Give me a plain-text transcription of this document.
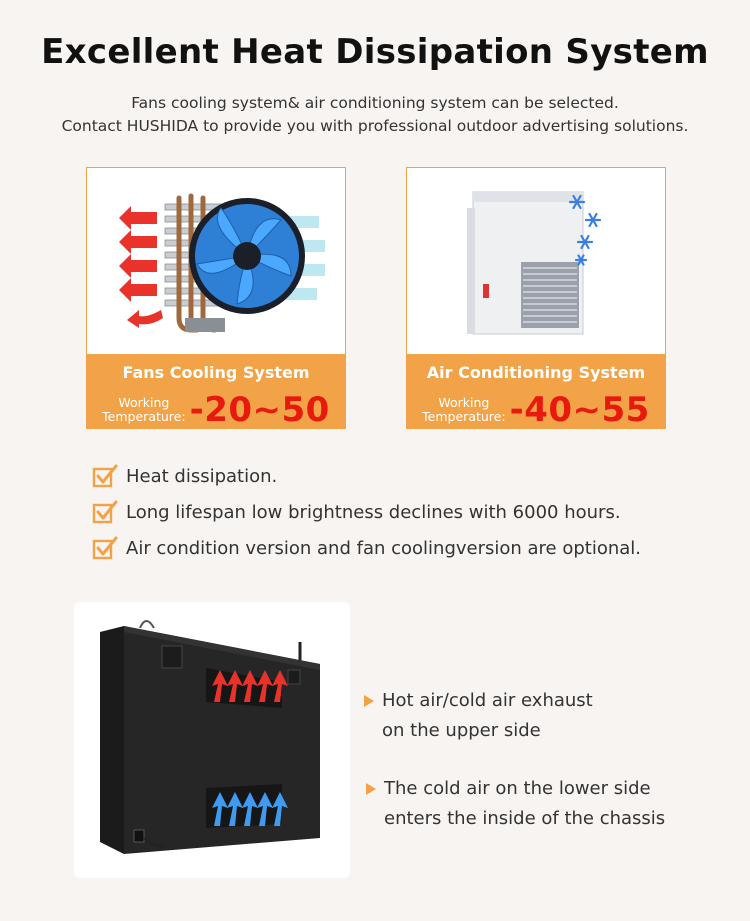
Excellent Heat Dissipation System
Fans cooling system& air conditioning system can be selected.
Contact HUSHIDA to provide you with professional outdoor advertising solutions.
Fans Cooling System
Working
Temperature: -20~50
Air Conditioning System
Working
Temperature: -40~55
Heat dissipation.
Long lifespan low brightness declines with 6000 hours.
Air condition version and fan coolingversion are optional.
Hot air/cold air exhaust
on the upper side
The cold air on the lower side
enters the inside of the chassis
